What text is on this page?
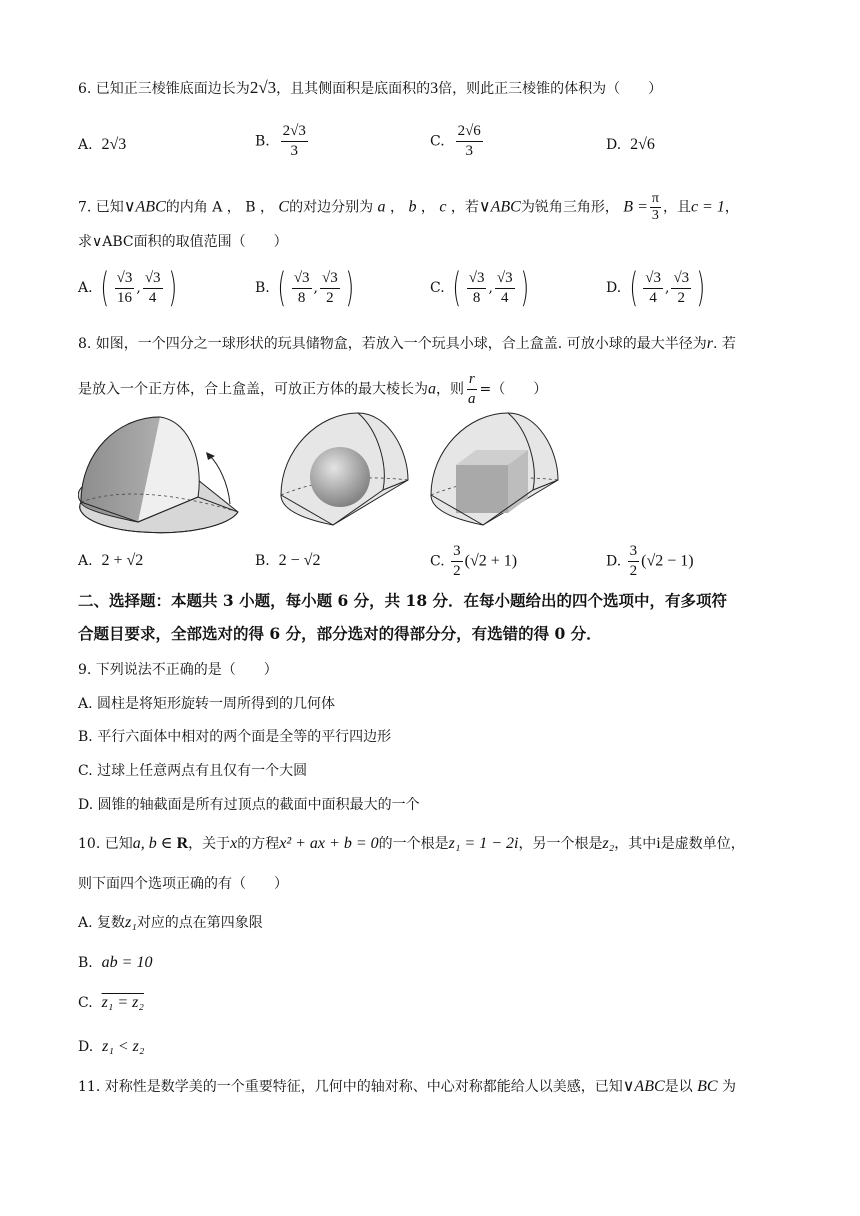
6. 已知正三棱锥底面边长为2√3，且其侧面积是底面积的3倍，则此正三棱锥的体积为（　　）
A. 2√3	B. $\frac{2√3}{3}$	C. $\frac{2√6}{3}$	D. 2√6
7. 已知∨ABC的内角 A ， B ， C的对边分别为 a ， b ， c ，若∨ABC为锐角三角形， $B = \frac{\pi}{3}$ ，且c = 1，
求∨ABC面积的取值范围（　　）
A. ( $\frac{√3}{16}$ , $\frac{√3}{4}$ )	B. ( $\frac{√3}{8}$ , $\frac{√3}{2}$ )	C. ( $\frac{√3}{8}$ , $\frac{√3}{4}$ )	D. ( $\frac{√3}{4}$ , $\frac{√3}{2}$ )
8. 如图，一个四分之一球形状的玩具储物盒，若放入一个玩具小球，合上盒盖. 可放小球的最大半径为r. 若
是放入一个正方体，合上盒盖，可放正方体的最大棱长为a，则 $\frac{r}{a}$ =（　　）
A. 2 + √2	B. 2 − √2	C. $\frac{3}{2} (√2 + 1)$	D. $\frac{3}{2} (√2 - 1)$
二、选择题：本题共 3 小题，每小题 6 分，共 18 分．在每小题给出的四个选项中，有多项符
合题目要求，全部选对的得 6 分，部分选对的得部分分，有选错的得 0 分．
9. 下列说法不正确的是（　　）
A. 圆柱是将矩形旋转一周所得到的几何体
B. 平行六面体中相对的两个面是全等的平行四边形
C. 过球上任意两点有且仅有一个大圆
D. 圆锥的轴截面是所有过顶点的截面中面积最大的一个
10. 已知a, b ∈ R，关于x的方程x² + ax + b = 0的一个根是z₁ = 1 − 2i，另一个根是z₂，其中i是虚数单位，
则下面四个选项正确的有（　　）
A. 复数z₁对应的点在第四象限
B. ab = 10
C. z₁ = z₂
D. z₁ < z₂
11. 对称性是数学美的一个重要特征，几何中的轴对称、中心对称都能给人以美感，已知∨ABC是以 BC 为
